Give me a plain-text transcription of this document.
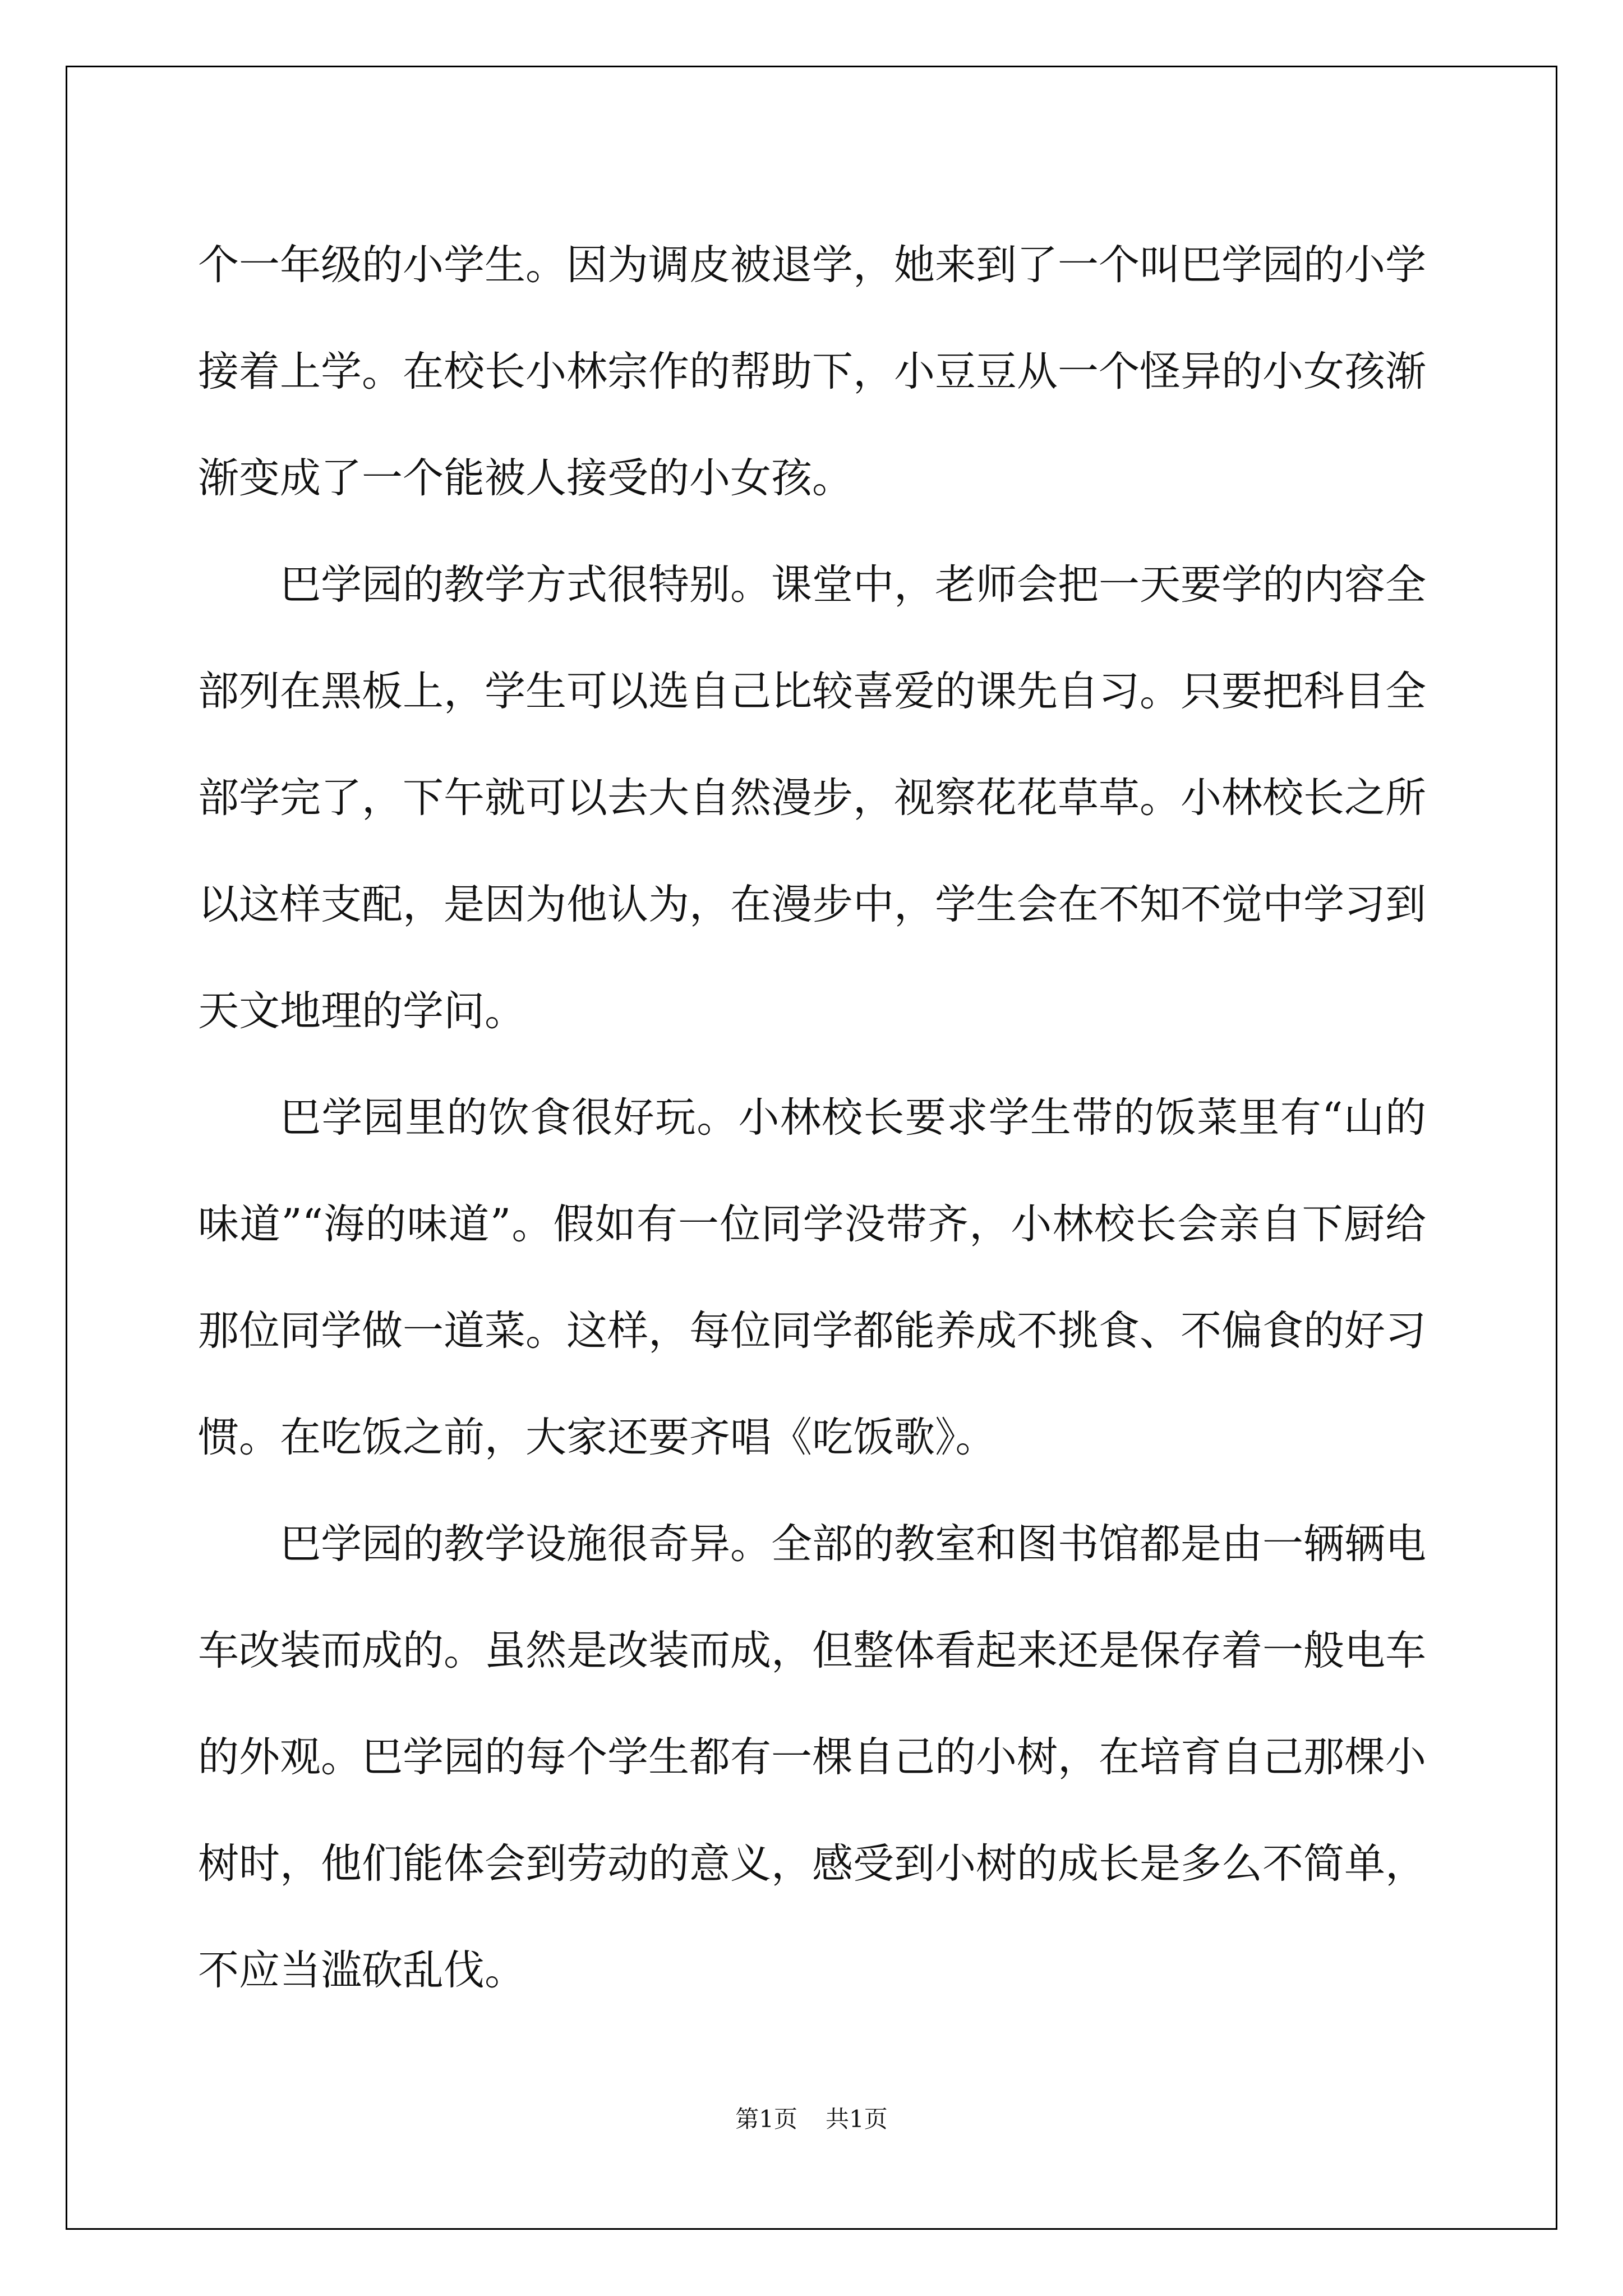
个一年级的小学生。因为调皮被退学，她来到了一个叫巴学园的小学接着上学。在校长小林宗作的帮助下，小豆豆从一个怪异的小女孩渐渐变成了一个能被人接受的小女孩。

巴学园的教学方式很特别。课堂中，老师会把一天要学的内容全部列在黑板上，学生可以选自己比较喜爱的课先自习。只要把科目全部学完了，下午就可以去大自然漫步，视察花花草草。小林校长之所以这样支配，是因为他认为，在漫步中，学生会在不知不觉中学习到天文地理的学问。

巴学园里的饮食很好玩。小林校长要求学生带的饭菜里有“山的味道”“海的味道”。假如有一位同学没带齐，小林校长会亲自下厨给那位同学做一道菜。这样，每位同学都能养成不挑食、不偏食的好习惯。在吃饭之前，大家还要齐唱《吃饭歌》。

巴学园的教学设施很奇异。全部的教室和图书馆都是由一辆辆电车改装而成的。虽然是改装而成，但整体看起来还是保存着一般电车的外观。巴学园的每个学生都有一棵自己的小树，在培育自己那棵小树时，他们能体会到劳动的意义，感受到小树的成长是多么不简单，不应当滥砍乱伐。

第1页 共1页
